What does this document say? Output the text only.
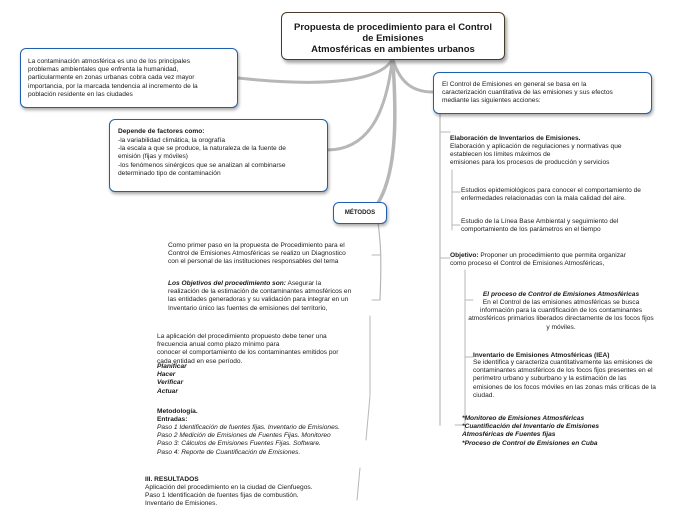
Propuesta de procedimiento para el Control
de Emisiones
Atmosféricas en ambientes urbanos
La contaminación atmosférica es uno de los principales
problemas ambientales que enfrenta la humanidad,
particularmente en zonas urbanas cobra cada vez mayor
importancia, por la marcada tendencia al incremento de la
población residente en las ciudades
Depende de factores como:
-la variabilidad climática, la orografía
-la escala a que se produce, la naturaleza de la fuente de
emisión (fijas y móviles)
-los fenómenos sinérgicos que se analizan al combinarse
determinado tipo de contaminación
El Control de Emisiones en general se basa en la
caracterización cuantitativa de las emisiones y sus efectos
mediante las siguientes acciones:
Elaboración de Inventarios de Emisiones.
Elaboración y aplicación de regulaciones y normativas que
establecen los límites máximos de
emisiones para los procesos de producción y servicios
Estudios epidemiológicos para conocer el comportamiento de
enfermedades relacionadas con la mala calidad del aire.
Estudio de la Línea Base Ambiental y seguimiento del
comportamiento de los parámetros en el tiempo
Objetivo: Proponer un procedimiento que permita organizar
como proceso el Control de Emisiones Atmosféricas,
El proceso de Control de Emisiones Atmosféricas
En el Control de las emisiones atmosféricas se busca
información para la cuantificación de los contaminantes
atmosféricos primarios liberados directamente de los focos fijos
y móviles.
Inventario de Emisiones Atmosféricas (IEA)
Se identifica y caracteriza cuantitativamente las emisiones de
contaminantes atmosféricos de los focos fijos presentes en el
perímetro urbano y suburbano y la estimación de las
emisiones de los focos móviles en las zonas más críticas de la
ciudad.
*Monitoreo de Emisiones Atmosféricas
*Cuantificación del Inventario de Emisiones
Atmosféricas de Fuentes fijas
*Proceso de Control de Emisiones en Cuba
MÉTODOS
Como primer paso en la propuesta de Procedimiento para el
Control de Emisiones Atmosféricas se realizo un Diagnostico
con el personal de las instituciones responsables del tema
Los Objetivos del procedimiento son: Asegurar la
realización de la estimación de contaminantes atmosféricos en
las entidades generadoras y su validación para integrar en un
Inventario único las fuentes de emisiones del territorio,
La aplicación del procedimiento propuesto debe tener una
frecuencia anual como plazo mínimo para
conocer el comportamiento de los contaminantes emitidos por
cada entidad en ese período.
Planificar
Hacer
Verificar
Actuar
Metodología.
Entradas:
Paso 1 Identificación de fuentes fijas. Inventario de Emisiones.
Paso 2 Medición de Emisiones de Fuentes Fijas. Monitoreo
Paso 3: Cálculos de Emisiones Fuentes Fijas. Software.
Paso 4: Reporte de Cuantificación de Emisiones.
III. RESULTADOS
Aplicación del procedimiento en la ciudad de Cienfuegos.
Paso 1 Identificación de fuentes fijas de combustión.
Inventario de Emisiones.
